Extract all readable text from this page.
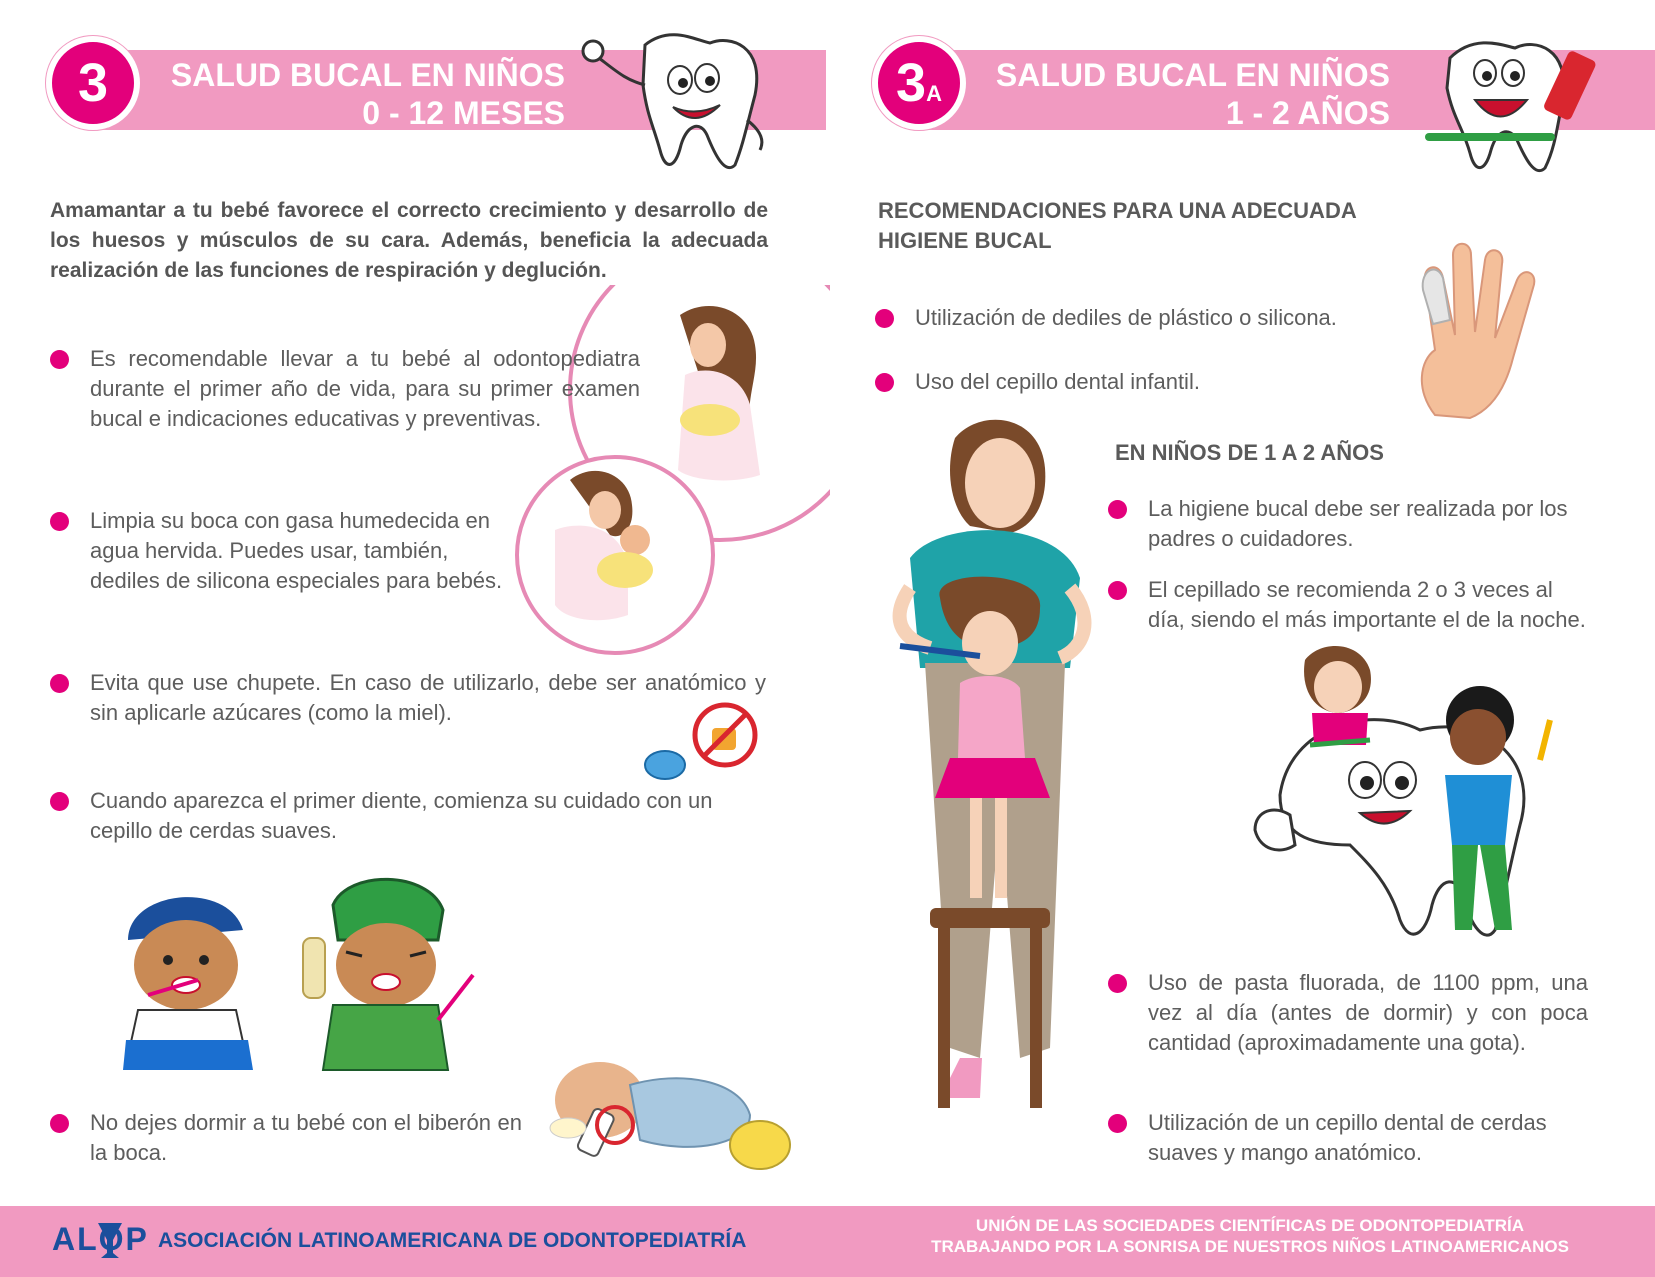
3	SALUD BUCAL EN NIÑOS
0 - 12 MESES
Amamantar a tu bebé favorece el correcto crecimiento y desarrollo de los huesos y músculos de su cara. Además, beneficia la adecuada realización de las funciones de respiración y deglución.
Es recomendable llevar a tu bebé al odontopediatra durante el primer año de vida, para su primer examen bucal e indicaciones educativas y preventivas.
Limpia su boca con gasa humedecida en agua hervida. Puedes usar, también, dediles de silicona especiales para bebés.
Evita que use chupete. En caso de utilizarlo, debe ser anatómico y sin aplicarle azúcares (como la miel).
Cuando aparezca el primer diente, comienza su cuidado con un cepillo de cerdas suaves.
No dejes dormir a tu bebé con el biberón en la boca.
3A
SALUD BUCAL EN NIÑOS
1 - 2 AÑOS
RECOMENDACIONES PARA UNA ADECUADA HIGIENE BUCAL
Utilización de dediles de plástico o silicona.
Uso del cepillo dental infantil.
EN NIÑOS DE 1 A 2 AÑOS
La higiene bucal debe ser realizada por los padres o cuidadores.
El cepillado se recomienda 2 o 3 veces al día, siendo el más importante el de la noche.
Uso de pasta fluorada, de 1100 ppm, una vez al día (antes de dormir) y con poca cantidad (aproximadamente una gota).
Utilización de un cepillo dental de cerdas suaves y mango anatómico.
ALOP ASOCIACIÓN LATINOAMERICANA DE ODONTOPEDIATRÍA
UNIÓN DE LAS SOCIEDADES CIENTÍFICAS DE ODONTOPEDIATRÍA
TRABAJANDO POR LA SONRISA DE NUESTROS NIÑOS LATINOAMERICANOS
